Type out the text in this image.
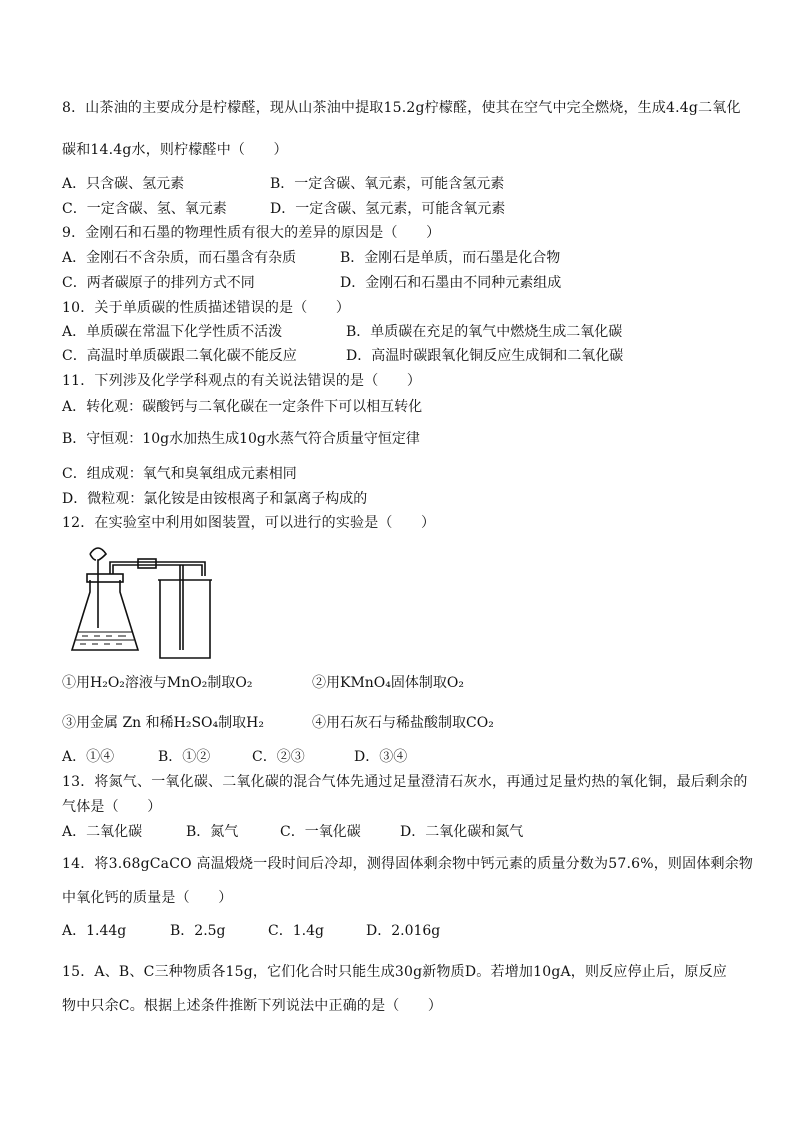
8．山茶油的主要成分是柠檬醛，现从山茶油中提取15.2g柠檬醛，使其在空气中完全燃烧，生成4.4g二氧化
碳和14.4g水，则柠檬醛中（　　）
A．只含碳、氢元素	B．一定含碳、氧元素，可能含氢元素
C．一定含碳、氢、氧元素	D．一定含碳、氢元素，可能含氧元素
9．金刚石和石墨的物理性质有很大的差异的原因是（　　）
A．金刚石不含杂质，而石墨含有杂质	B．金刚石是单质，而石墨是化合物
C．两者碳原子的排列方式不同	D．金刚石和石墨由不同种元素组成
10．关于单质碳的性质描述错误的是（　　）
A．单质碳在常温下化学性质不活泼	B．单质碳在充足的氧气中燃烧生成二氧化碳
C．高温时单质碳跟二氧化碳不能反应	D．高温时碳跟氧化铜反应生成铜和二氧化碳
11．下列涉及化学学科观点的有关说法错误的是（　　）
A．转化观：碳酸钙与二氧化碳在一定条件下可以相互转化
B．守恒观：10g水加热生成10g水蒸气符合质量守恒定律
C．组成观：氧气和臭氧组成元素相同
D．微粒观：氯化铵是由铵根离子和氯离子构成的
12．在实验室中利用如图装置，可以进行的实验是（　　）
①用H₂O₂溶液与MnO₂制取O₂	②用KMnO₄固体制取O₂
③用金属 Zn 和稀H₂SO₄制取H₂	④用石灰石与稀盐酸制取CO₂
A．①④	B．①②	C．②③	D．③④
13．将氮气、一氧化碳、二氧化碳的混合气体先通过足量澄清石灰水，再通过足量灼热的氧化铜，最后剩余的
气体是（　　）
A．二氧化碳	B．氮气	C．一氧化碳	D．二氧化碳和氮气
14．将3.68gCaCO 高温煅烧一段时间后冷却，测得固体剩余物中钙元素的质量分数为57.6%，则固体剩余物
中氧化钙的质量是（　　）
A．1.44g	B．2.5g	C．1.4g	D．2.016g
15．A、B、C三种物质各15g，它们化合时只能生成30g新物质D。若增加10gA，则反应停止后，原反应
物中只余C。根据上述条件推断下列说法中正确的是（　　）
